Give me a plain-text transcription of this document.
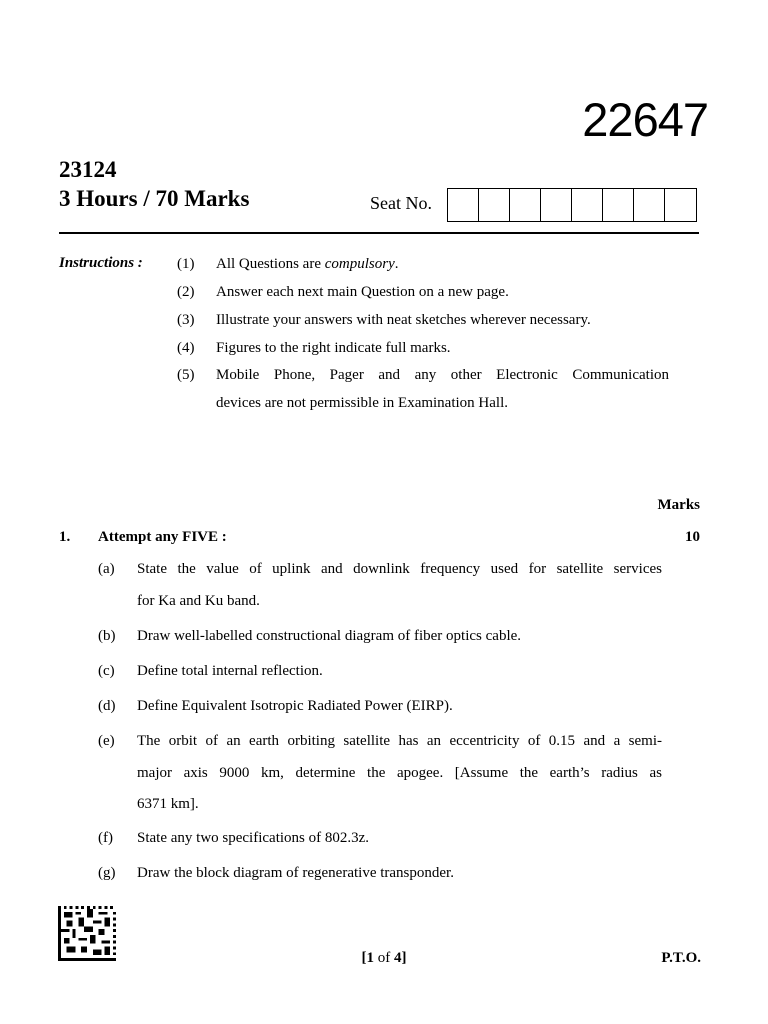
22647
23124
3 Hours / 70 Marks	Seat No.
Instructions : (1) All Questions are compulsory.
(2) Answer each next main Question on a new page.
(3) Illustrate your answers with neat sketches wherever necessary.
(4) Figures to the right indicate full marks.
(5) Mobile Phone, Pager and any other Electronic Communication
devices are not permissible in Examination Hall.
Marks
1. Attempt any FIVE :	10
(a) State the value of uplink and downlink frequency used for satellite services
for Ka and Ku band.
(b) Draw well-labelled constructional diagram of fiber optics cable.
(c) Define total internal reflection.
(d) Define Equivalent Isotropic Radiated Power (EIRP).
(e) The orbit of an earth orbiting satellite has an eccentricity of 0.15 and a semi-
major axis 9000 km, determine the apogee. [Assume the earth’s radius as
6371 km].
(f) State any two specifications of 802.3z.
(g) Draw the block diagram of regenerative transponder.
[1 of 4]	P.T.O.
